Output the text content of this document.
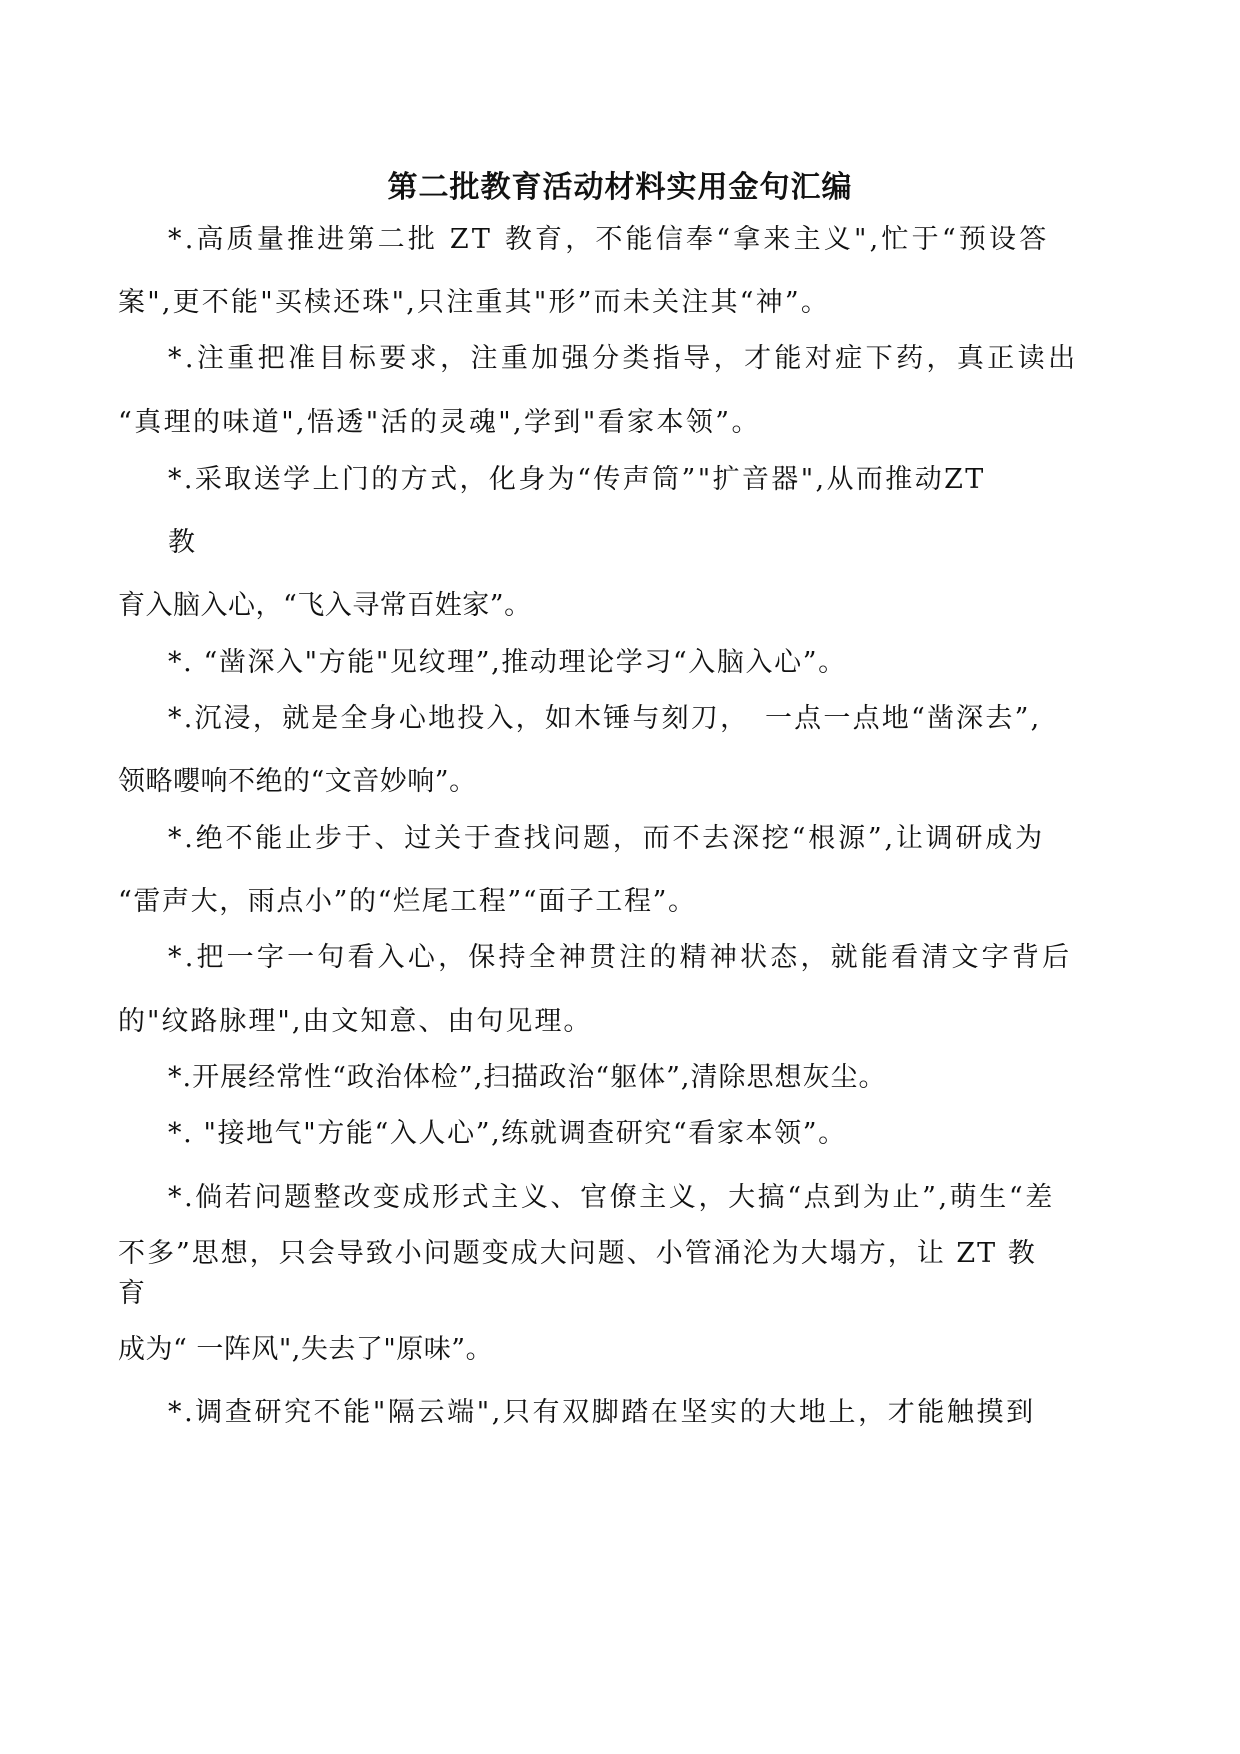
第二批教育活动材料实用金句汇编

*.高质量推进第二批 ZT 教育，不能信奉“拿来主义",忙于“预设答

案",更不能"买椟还珠",只注重其"形”而未关注其“神”。

*.注重把准目标要求，注重加强分类指导，才能对症下药，真正读出

“真理的味道",悟透"活的灵魂",学到"看家本领”。

*.采取送学上门的方式，化身为“传声筒”"扩音器",从而推动ZT

教

育入脑入心，“飞入寻常百姓家”。

*. “凿深入"方能"见纹理”,推动理论学习“入脑入心”。

*.沉浸，就是全身心地投入，如木锤与刻刀，　一点一点地“凿深去”,

领略嚶响不绝的“文音妙响”。

*.绝不能止步于、过关于查找问题，而不去深挖“根源”,让调研成为

“雷声大，雨点小”的“烂尾工程”“面子工程”。

*.把一字一句看入心，保持全神贯注的精神状态，就能看清文字背后

的"纹路脉理",由文知意、由句见理。

*.开展经常性“政治体检”,扫描政治“躯体”,清除思想灰尘。

*. "接地气"方能“入人心”,练就调查研究“看家本领”。

*.倘若问题整改变成形式主义、官僚主义，大搞“点到为止”,萌生“差

不多”思想，只会导致小问题变成大问题、小管涌沦为大塌方，让 ZT 教

育

成为“ 一阵风",失去了"原味”。

*.调查研究不能"隔云端",只有双脚踏在坚实的大地上，才能触摸到
